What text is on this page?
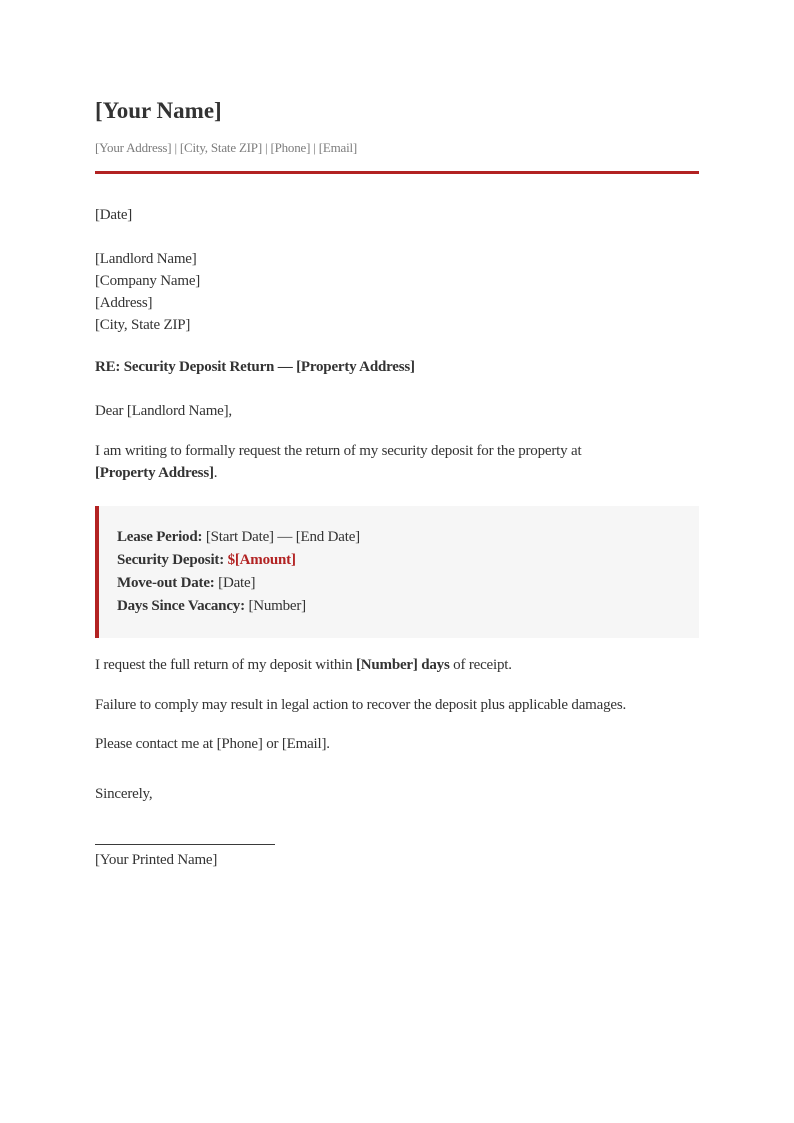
[Your Name]

[Your Address] | [City, State ZIP] | [Phone] | [Email]

[Date]

[Landlord Name]

[Company Name]

[Address]

[City, State ZIP]

RE: Security Deposit Return — [Property Address]

Dear [Landlord Name],

I am writing to formally request the return of my security deposit for the property at
[Property Address].

Lease Period: [Start Date] — [End Date]

Security Deposit: $[Amount]

Move-out Date: [Date]

Days Since Vacancy: [Number]

I request the full return of my deposit within [Number] days of receipt.

Failure to comply may result in legal action to recover the deposit plus applicable damages.

Please contact me at [Phone] or [Email].

Sincerely,

[Your Printed Name]
